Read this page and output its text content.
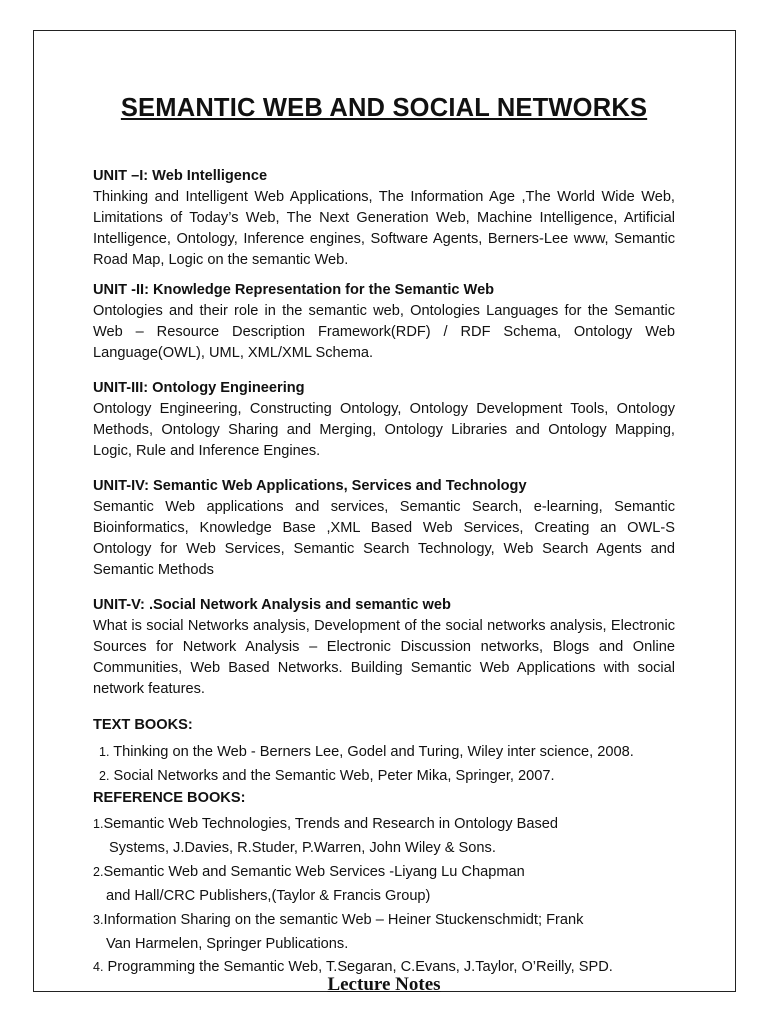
SEMANTIC WEB AND SOCIAL NETWORKS
UNIT –I: Web Intelligence

Thinking and Intelligent Web Applications, The Information Age ,The World Wide Web, Limitations of Today’s Web, The Next Generation Web, Machine Intelligence, Artificial Intelligence, Ontology, Inference engines, Software Agents, Berners-Lee www, Semantic Road Map, Logic on the semantic Web.

UNIT -II: Knowledge Representation for the Semantic Web

Ontologies and their role in the semantic web, Ontologies Languages for the Semantic Web – Resource Description Framework(RDF) / RDF Schema, Ontology Web Language(OWL), UML, XML/XML Schema.

UNIT-III: Ontology Engineering

Ontology Engineering, Constructing Ontology, Ontology Development Tools, Ontology Methods, Ontology Sharing and Merging, Ontology Libraries and Ontology Mapping, Logic, Rule and Inference Engines.

UNIT-IV: Semantic Web Applications, Services and Technology

Semantic Web applications and services, Semantic Search, e-learning, Semantic Bioinformatics, Knowledge Base ,XML Based Web Services, Creating an OWL-S Ontology for Web Services, Semantic Search Technology, Web Search Agents and Semantic Methods

UNIT-V: .Social Network Analysis and semantic web

What is social Networks analysis, Development of the social networks analysis, Electronic Sources for Network Analysis – Electronic Discussion networks, Blogs and Online Communities, Web Based Networks. Building Semantic Web Applications with social network features.

TEXT BOOKS:

1. Thinking on the Web - Berners Lee, Godel and Turing, Wiley inter science, 2008.

2. Social Networks and the Semantic Web, Peter Mika, Springer, 2007.

REFERENCE BOOKS:

1.Semantic Web Technologies, Trends and Research in Ontology Based

Systems, J.Davies, R.Studer, P.Warren, John Wiley & Sons.

2.Semantic Web and Semantic Web Services -Liyang Lu Chapman

and Hall/CRC Publishers,(Taylor & Francis Group)

3.Information Sharing on the semantic Web – Heiner Stuckenschmidt; Frank

Van Harmelen, Springer Publications.

4. Programming the Semantic Web, T.Segaran, C.Evans, J.Taylor, O’Reilly, SPD.

Lecture Notes
